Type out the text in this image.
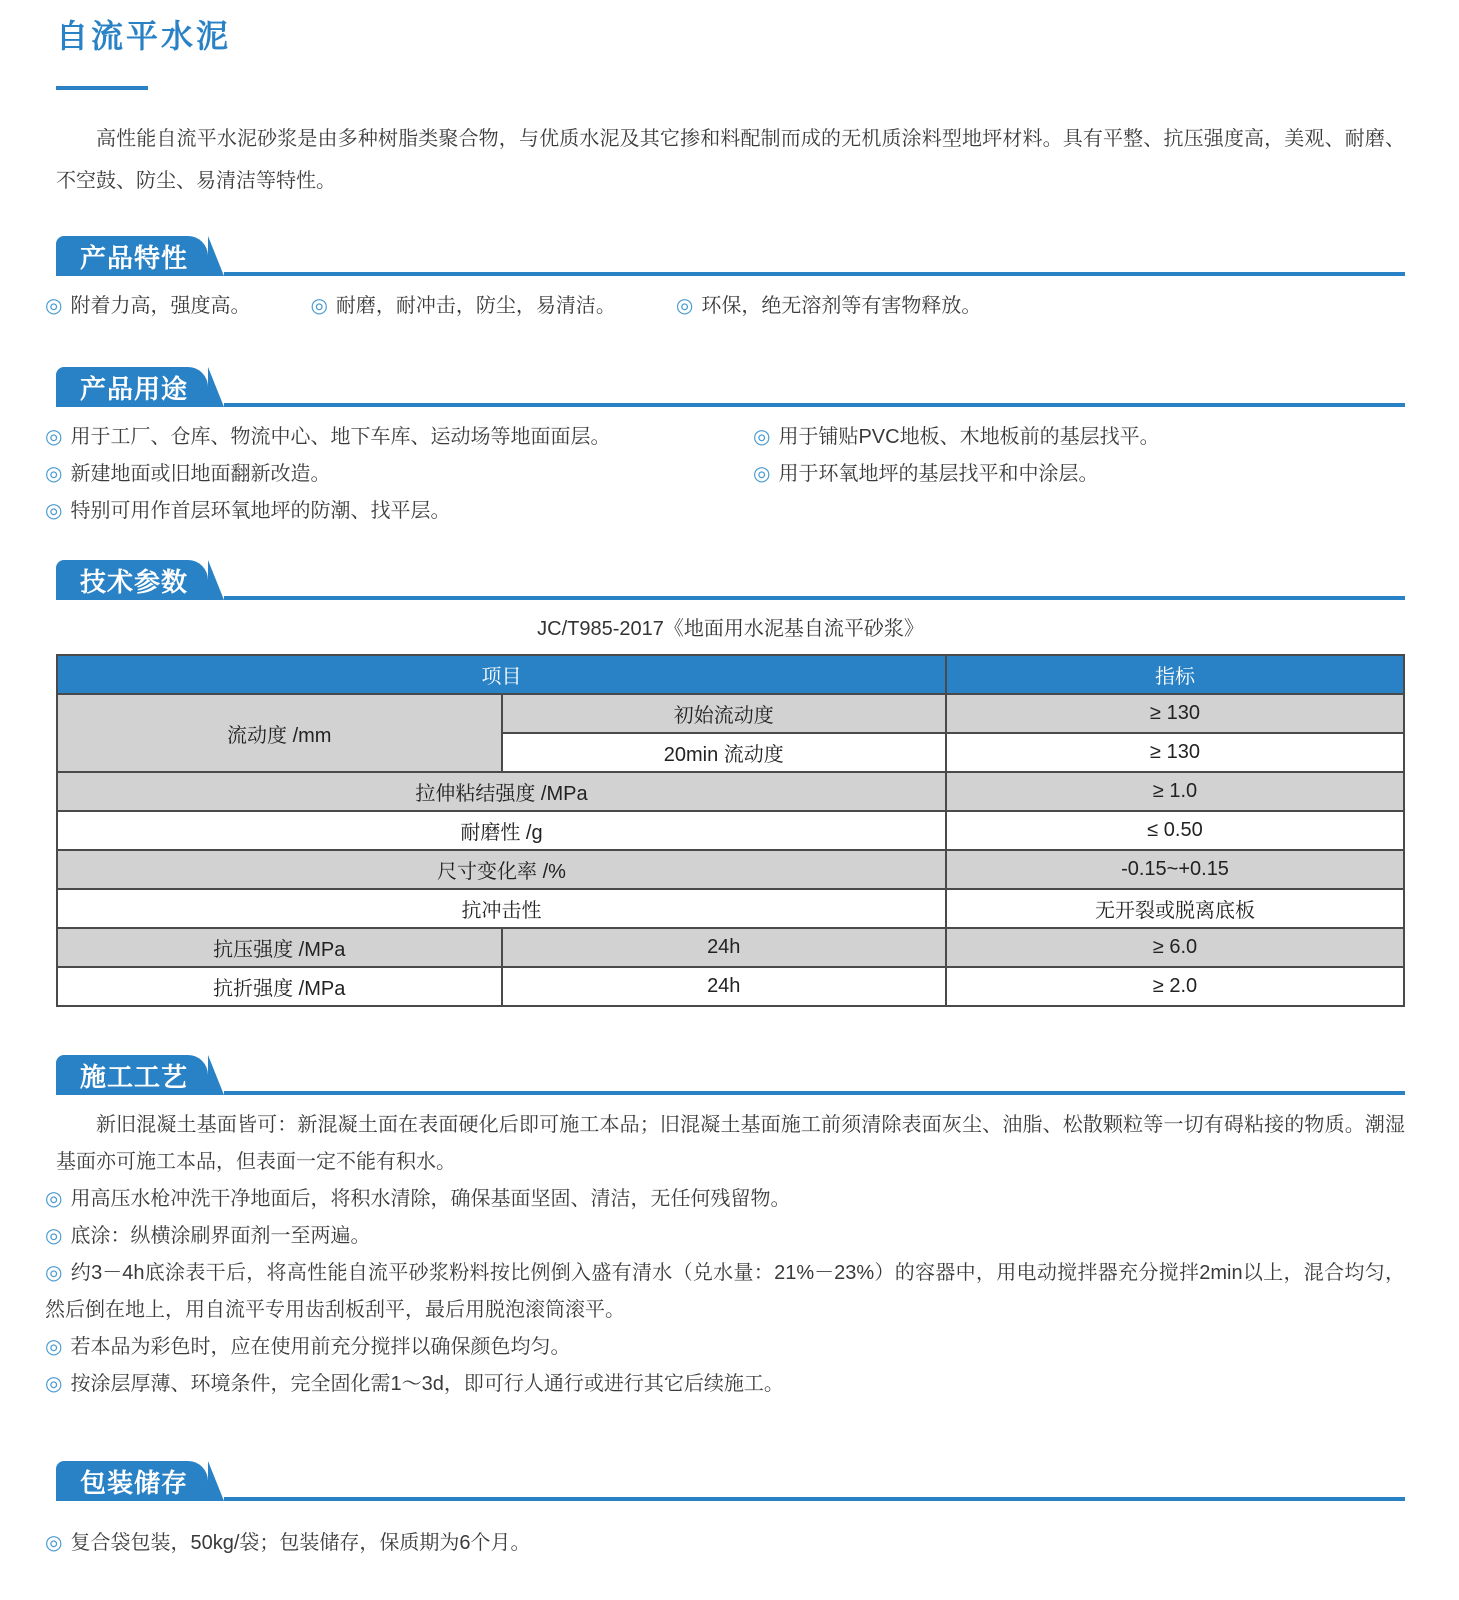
自流平水泥
高性能自流平水泥砂浆是由多种树脂类聚合物，与优质水泥及其它掺和料配制而成的无机质涂料型地坪材料。具有平整、抗压强度高，美观、耐磨、不空鼓、防尘、易清洁等特性。
产品特性
◎ 附着力高，强度高。	◎ 耐磨，耐冲击，防尘，易清洁。	◎ 环保，绝无溶剂等有害物释放。
产品用途
◎ 用于工厂、仓库、物流中心、地下车库、运动场等地面面层。	◎ 用于铺贴PVC地板、木地板前的基层找平。
◎ 新建地面或旧地面翻新改造。	◎ 用于环氧地坪的基层找平和中涂层。
◎ 特别可用作首层环氧地坪的防潮、找平层。
技术参数
JC/T985-2017《地面用水泥基自流平砂浆》
项目		指标
流动度 /mm	初始流动度	≥ 130
	20min 流动度	≥ 130
拉伸粘结强度 /MPa		≥ 1.0
耐磨性 /g		≤ 0.50
尺寸变化率 /%		-0.15~+0.15
抗冲击性		无开裂或脱离底板
抗压强度 /MPa	24h	≥ 6.0
抗折强度 /MPa	24h	≥ 2.0
施工工艺
新旧混凝土基面皆可：新混凝土面在表面硬化后即可施工本品；旧混凝土基面施工前须清除表面灰尘、油脂、松散颗粒等一切有碍粘接的物质。潮湿基面亦可施工本品，但表面一定不能有积水。
◎ 用高压水枪冲洗干净地面后，将积水清除，确保基面坚固、清洁，无任何残留物。
◎ 底涂：纵横涂刷界面剂一至两遍。
◎ 约3－4h底涂表干后，将高性能自流平砂浆粉料按比例倒入盛有清水（兑水量：21%－23%）的容器中，用电动搅拌器充分搅拌2min以上，混合均匀，然后倒在地上，用自流平专用齿刮板刮平，最后用脱泡滚筒滚平。
◎ 若本品为彩色时，应在使用前充分搅拌以确保颜色均匀。
◎ 按涂层厚薄、环境条件，完全固化需1～3d，即可行人通行或进行其它后续施工。
包装储存
◎ 复合袋包装，50kg/袋；包装储存，保质期为6个月。
